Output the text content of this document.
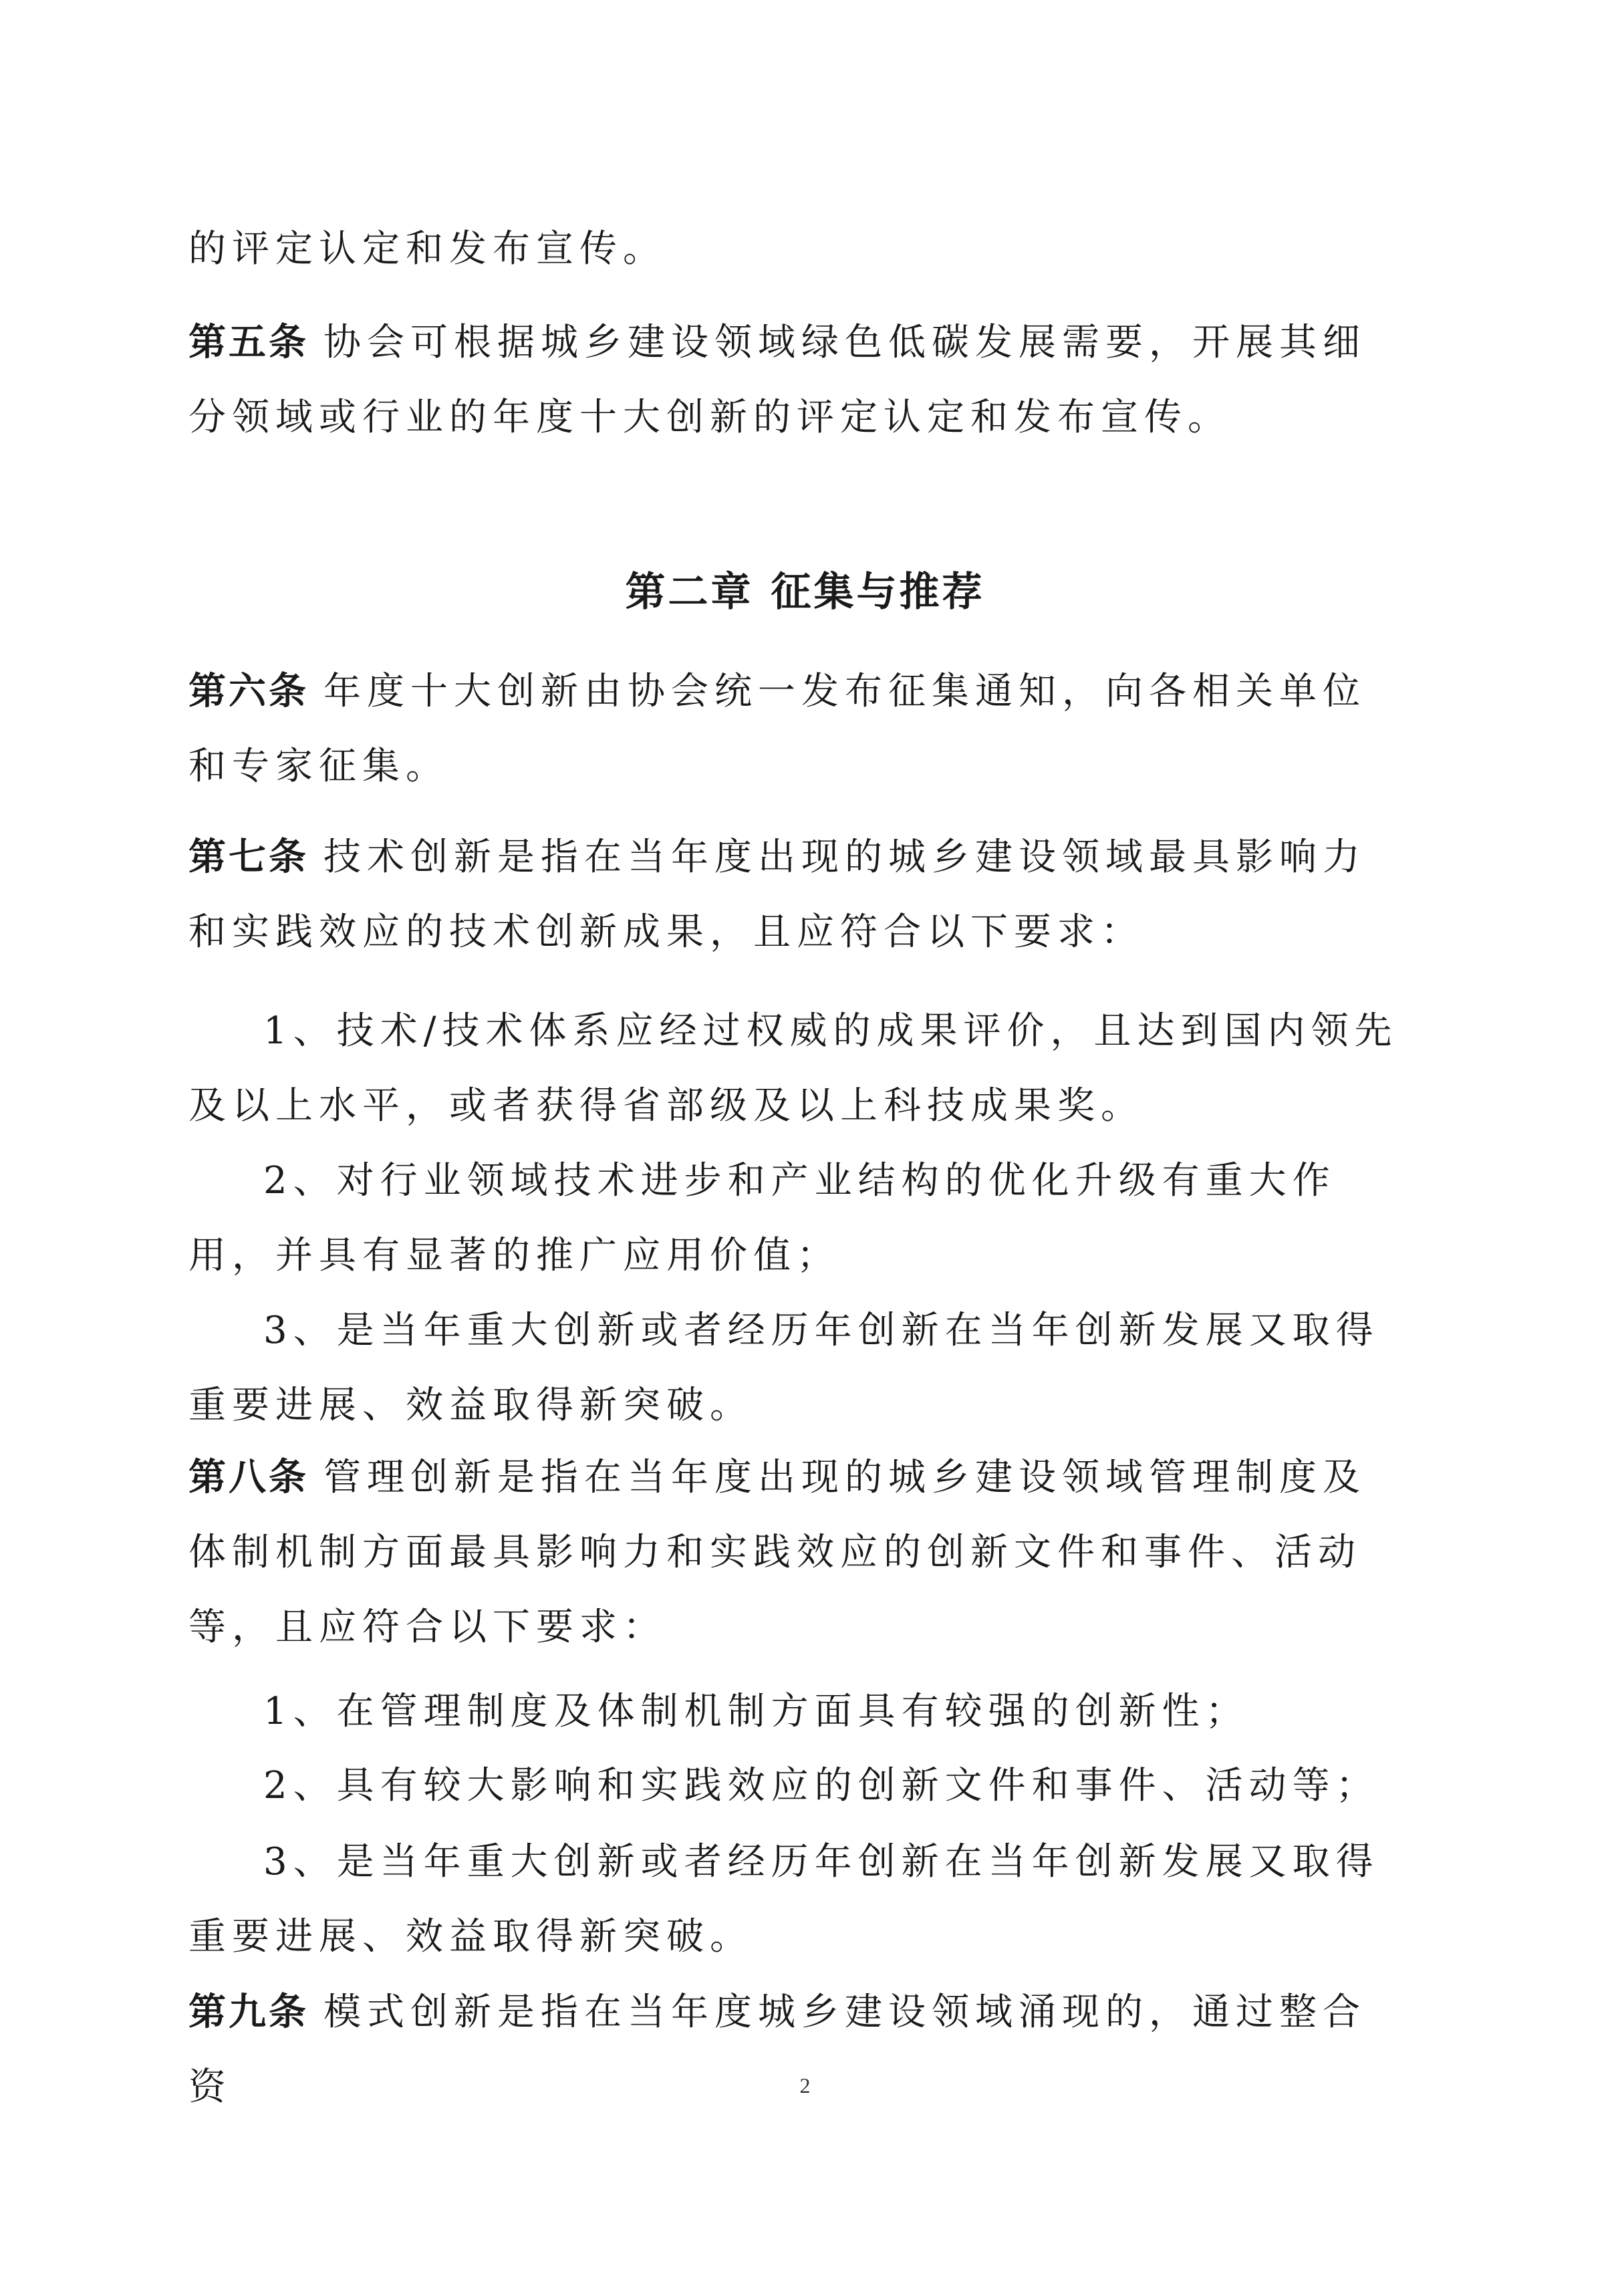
的评定认定和发布宣传。

第五条 协会可根据城乡建设领域绿色低碳发展需要，开展其细分领域或行业的年度十大创新的评定认定和发布宣传。

第二章 征集与推荐

第六条 年度十大创新由协会统一发布征集通知，向各相关单位和专家征集。

第七条 技术创新是指在当年度出现的城乡建设领域最具影响力和实践效应的技术创新成果，且应符合以下要求：

1、技术/技术体系应经过权威的成果评价，且达到国内领先及以上水平，或者获得省部级及以上科技成果奖。

2、对行业领域技术进步和产业结构的优化升级有重大作用，并具有显著的推广应用价值；

3、是当年重大创新或者经历年创新在当年创新发展又取得重要进展、效益取得新突破。

第八条 管理创新是指在当年度出现的城乡建设领域管理制度及体制机制方面最具影响力和实践效应的创新文件和事件、活动等，且应符合以下要求：

1、在管理制度及体制机制方面具有较强的创新性；

2、具有较大影响和实践效应的创新文件和事件、活动等；

3、是当年重大创新或者经历年创新在当年创新发展又取得重要进展、效益取得新突破。

第九条 模式创新是指在当年度城乡建设领域涌现的，通过整合资	2
